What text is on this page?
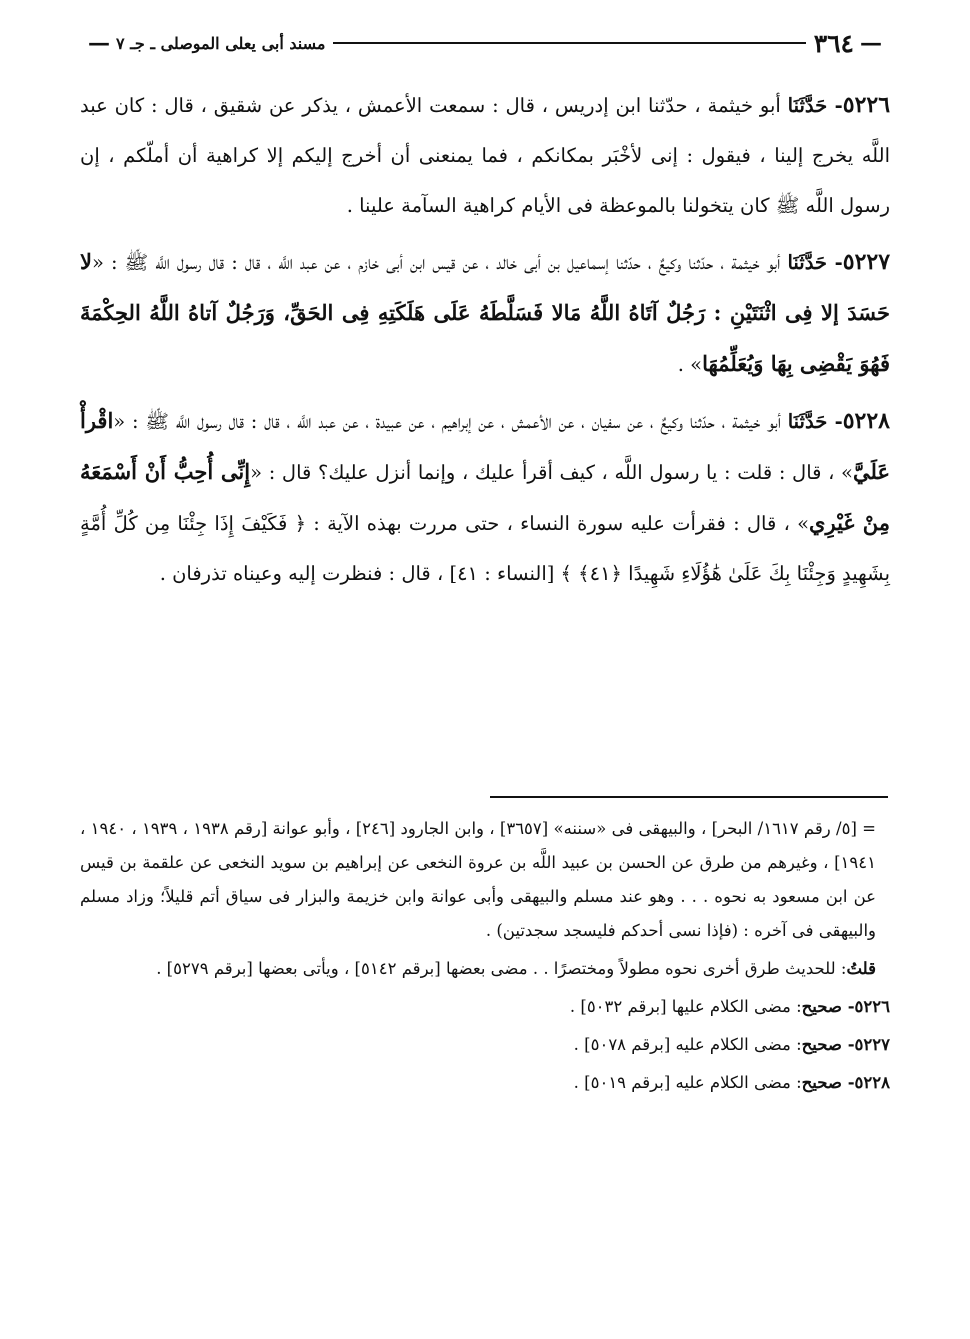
—
٣٦٤
مسند أبى يعلى الموصلى ـ جـ ٧
—

٥٢٢٦- حَدَّثَنَا أبو خيثمة ، حدّثنا ابن إدريس ، قال : سمعت الأعمش ، يذكر عن شقيق ، قال : كان عبد اللَّه يخرج إلينا ، فيقول : إنى لأخْبَر بمكانكم ، فما يمنعنى أن أخرج إليكم إلا كراهية أن أملّكم ، إن رسول اللَّه ﷺ كان يتخولنا بالموعظة فى الأيام كراهية السآمة علينا .

٥٢٢٧- حَدَّثَنَا أبو خيثمة ، حدّثنا وكيعٌ ، حدّثنا إسماعيل بن أبى خالد ، عن قيس ابن أبى خازم ، عن عبد اللَّه ، قال : قال رسول اللَّه ﷺ : «لا حَسَدَ إلا فِى اثْنَتَيْنِ : رَجُلٌ آتَاهُ اللَّهُ مَالا فَسَلَّطَهُ عَلَى هَلَكَتِهِ فِى الحَقِّ، وَرَجُلٌ آتاهُ اللَّهُ الحِكْمَةَ فَهُوَ يَقْضِى بِهَا وَيُعَلِّمُهَا» .

٥٢٢٨- حَدَّثَنَا أبو خيثمة ، حدّثنا وكيعٌ ، عن سفيان ، عن الأعمش ، عن إبراهيم ، عن عبيدة ، عن عبد اللَّه ، قال : قال رسول اللَّه ﷺ : «اقْرأْ عَلَيَّ» ، قال : قلت : يا رسول اللَّه ، كيف أقرأ عليك ، وإنما أنزل عليك؟ قال : «إِنِّى أُحِبُّ أَنْ أَسْمَعَهُ مِنْ غَيْرِي» ، قال : فقرأت عليه سورة النساء ، حتى مررت بهذه الآية : ﴿ فَكَيْفَ إِذَا جِئْنَا مِن كُلِّ أُمَّةٍ بِشَهِيدٍ وَجِئْنَا بِكَ عَلَىٰ هَٰؤُلَاءِ شَهِيدًا ﴿٤١﴾ ﴾ [النساء : ٤١] ، قال : فنظرت إليه وعيناه تذرفان .

= [٥/ رقم ١٦١٧/ البحر] ، والبيهقى فى «سننه» [٣٦٥٧] ، وابن الجارود [٢٤٦] ، وأبو عوانة [رقم ١٩٣٨ ، ١٩٣٩ ، ١٩٤٠ ، ١٩٤١] ، وغيرهم من طرق عن الحسن بن عبيد اللَّه بن عروة النخعى عن إبراهيم بن سويد النخعى عن علقمة بن قيس عن ابن مسعود به نحوه . . . وهو عند مسلم والبيهقى وأبى عوانة وابن خزيمة والبزار فى سياق أتم قليلاً؛ وزاد مسلم والبيهقى فى آخره : (فإذا نسى أحدكم فليسجد سجدتين) .

قلتُ: للحديث طرق أخرى نحوه مطولاً ومختصرًا . . مضى بعضها [برقم ٥١٤٢] ، ويأتى بعضها [برقم ٥٢٧٩] .

٥٢٢٦- صحيح: مضى الكلام عليها [برقم ٥٠٣٢] .

٥٢٢٧- صحيح: مضى الكلام عليه [برقم ٥٠٧٨] .

٥٢٢٨- صحيح: مضى الكلام عليه [برقم ٥٠١٩] .
